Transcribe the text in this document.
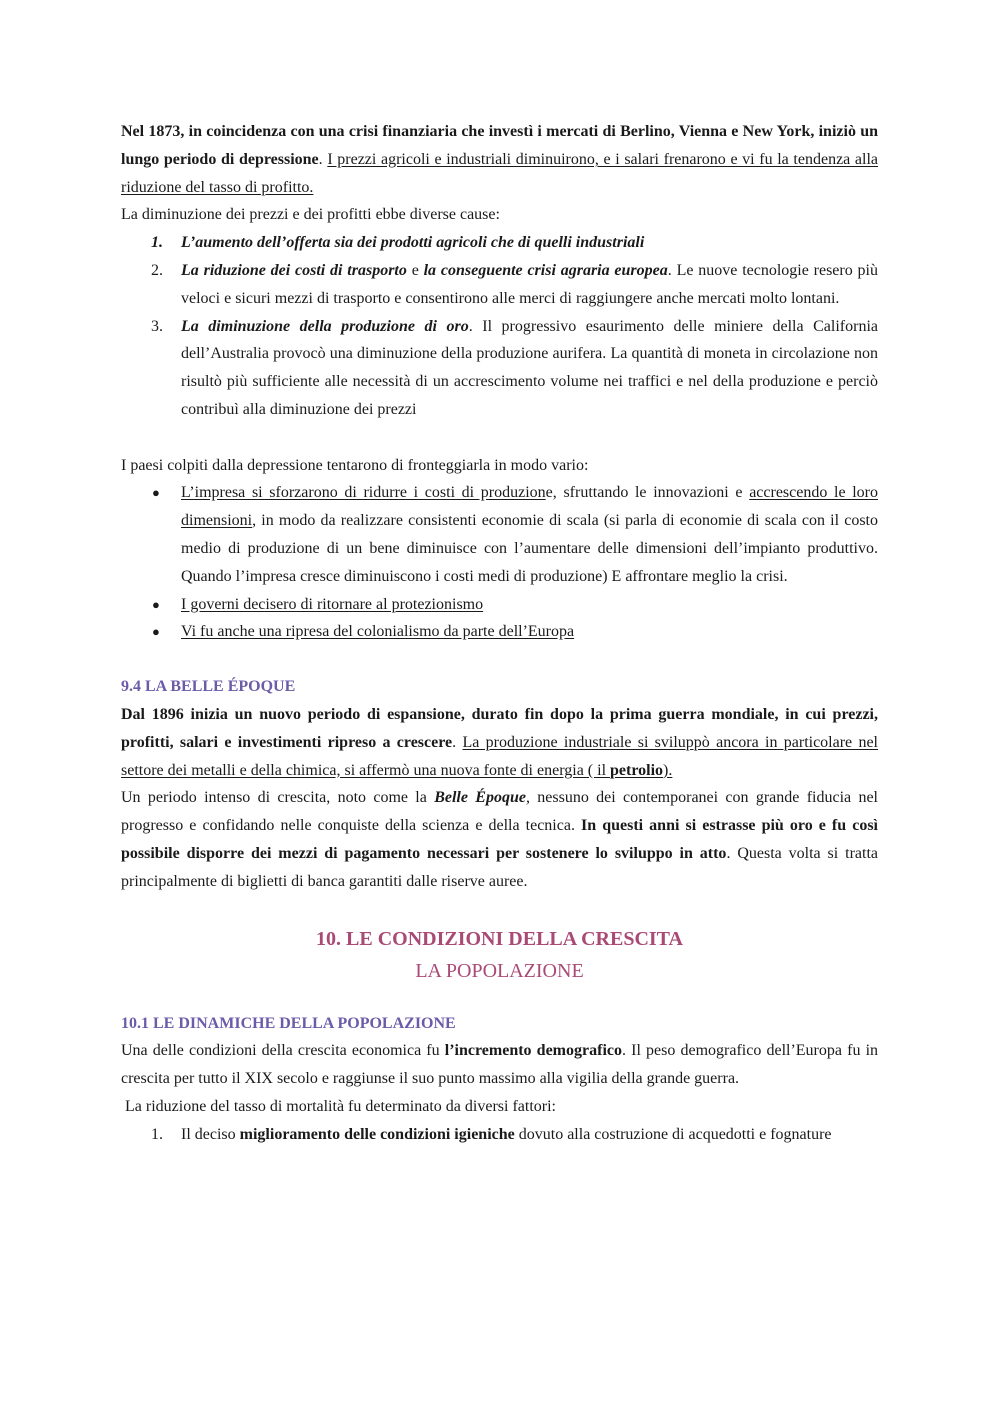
Nel 1873, in coincidenza con una crisi finanziaria che investì i mercati di Berlino, Vienna e New York, iniziò un lungo periodo di depressione. I prezzi agricoli e industriali diminuirono, e i salari frenarono e vi fu la tendenza alla riduzione del tasso di profitto.

La diminuzione dei prezzi e dei profitti ebbe diverse cause:

1. L’aumento dell’offerta sia dei prodotti agricoli che di quelli industriali
2. La riduzione dei costi di trasporto e la conseguente crisi agraria europea. Le nuove tecnologie resero più veloci e sicuri mezzi di trasporto e consentirono alle merci di raggiungere anche mercati molto lontani.
3. La diminuzione della produzione di oro. Il progressivo esaurimento delle miniere della California dell’Australia provocò una diminuzione della produzione aurifera. La quantità di moneta in circolazione non risultò più sufficiente alle necessità di un accrescimento volume nei traffici e nel della produzione e perciò contribuì alla diminuzione dei prezzi

I paesi colpiti dalla depressione tentarono di fronteggiarla in modo vario:

● L’impresa si sforzarono di ridurre i costi di produzione, sfruttando le innovazioni e accrescendo le loro dimensioni, in modo da realizzare consistenti economie di scala (si parla di economie di scala con il costo medio di produzione di un bene diminuisce con l’aumentare delle dimensioni dell’impianto produttivo. Quando l’impresa cresce diminuiscono i costi medi di produzione) E affrontare meglio la crisi.
● I governi decisero di ritornare al protezionismo
● Vi fu anche una ripresa del colonialismo da parte dell’Europa

9.4 LA BELLE ÉPOQUE

Dal 1896 inizia un nuovo periodo di espansione, durato fin dopo la prima guerra mondiale, in cui prezzi, profitti, salari e investimenti ripreso a crescere. La produzione industriale si sviluppò ancora in particolare nel settore dei metalli e della chimica, si affermò una nuova fonte di energia ( il petrolio).

Un periodo intenso di crescita, noto come la Belle Époque, nessuno dei contemporanei con grande fiducia nel progresso e confidando nelle conquiste della scienza e della tecnica. In questi anni si estrasse più oro e fu così possibile disporre dei mezzi di pagamento necessari per sostenere lo sviluppo in atto. Questa volta si tratta principalmente di biglietti di banca garantiti dalle riserve auree.

10. LE CONDIZIONI DELLA CRESCITA

LA POPOLAZIONE

10.1 LE DINAMICHE DELLA POPOLAZIONE

Una delle condizioni della crescita economica fu l’incremento demografico. Il peso demografico dell’Europa fu in crescita per tutto il XIX secolo e raggiunse il suo punto massimo alla vigilia della grande guerra.

La riduzione del tasso di mortalità fu determinato da diversi fattori:

1. Il deciso miglioramento delle condizioni igieniche dovuto alla costruzione di acquedotti e fognature
